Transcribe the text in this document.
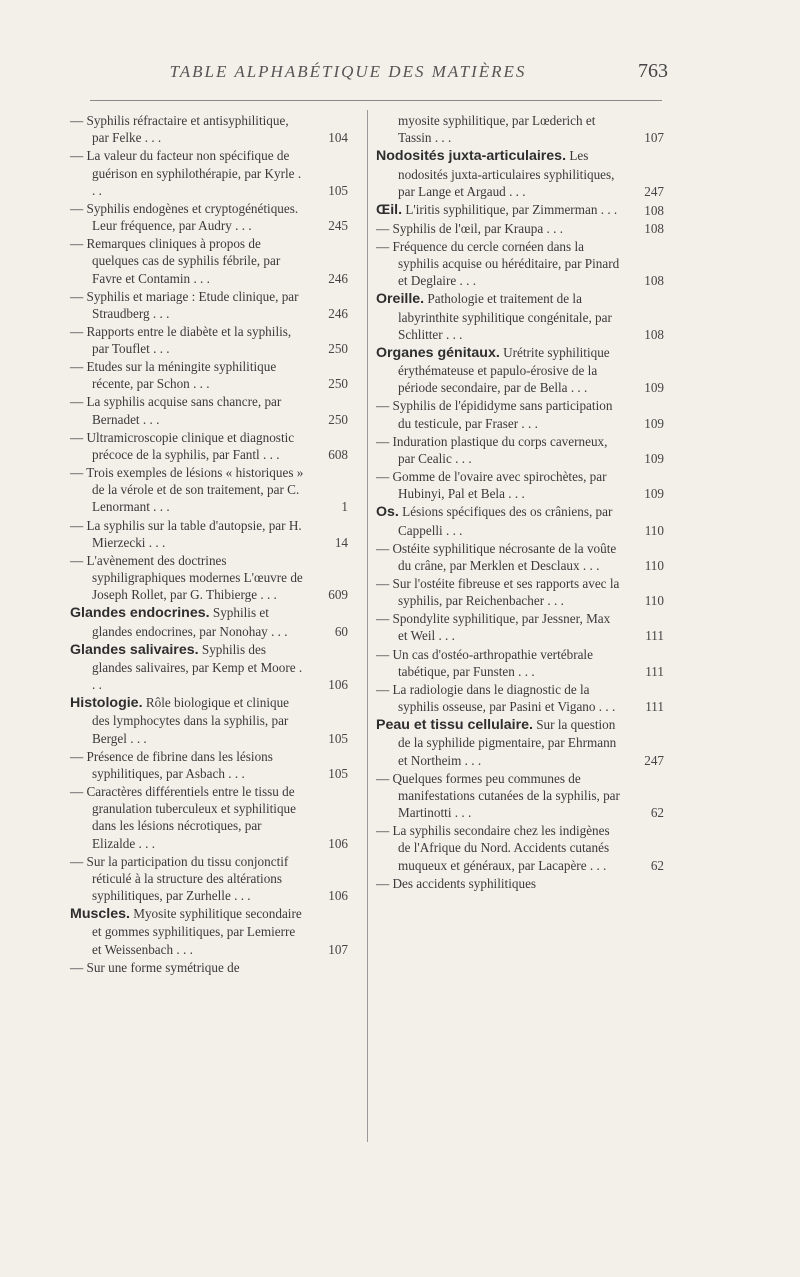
TABLE ALPHABÉTIQUE DES MATIÈRES	763
— Syphilis réfractaire et antisyphilitique, par Felke . . .	104
— La valeur du facteur non spécifique de guérison en syphilothérapie, par Kyrle . . .	105
— Syphilis endogènes et cryptogénétiques. Leur fréquence, par Audry . . .	245
— Remarques cliniques à propos de quelques cas de syphilis fébrile, par Favre et Contamin . . .	246
— Syphilis et mariage : Etude clinique, par Straudberg . . .	246
— Rapports entre le diabète et la syphilis, par Touflet . . .	250
— Etudes sur la méningite syphilitique récente, par Schon . . .	250
— La syphilis acquise sans chancre, par Bernadet . . .	250
— Ultramicroscopie clinique et diagnostic précoce de la syphilis, par Fantl . . .	608
— Trois exemples de lésions « historiques » de la vérole et de son traitement, par C. Lenormant . . .	1
— La syphilis sur la table d'autopsie, par H. Mierzecki . . .	14
— L'avènement des doctrines syphiligraphiques modernes L'œuvre de Joseph Rollet, par G. Thibierge . . .	609
Glandes endocrines. Syphilis et glandes endocrines, par Nonohay . . .	60
Glandes salivaires. Syphilis des glandes salivaires, par Kemp et Moore . . .	106
Histologie. Rôle biologique et clinique des lymphocytes dans la syphilis, par Bergel . . .	105
— Présence de fibrine dans les lésions syphilitiques, par Asbach . . .	105
— Caractères différentiels entre le tissu de granulation tuberculeux et syphilitique dans les lésions nécrotiques, par Elizalde . . .	106
— Sur la participation du tissu conjonctif réticulé à la structure des altérations syphilitiques, par Zurhelle . . .	106
Muscles. Myosite syphilitique secondaire et gommes syphilitiques, par Lemierre et Weissenbach . . .	107
— Sur une forme symétrique de
myosite syphilitique, par Lœderich et Tassin . . .	107
Nodosités juxta-articulaires. Les nodosités juxta-articulaires syphilitiques, par Lange et Argaud . . .	247
Œil. L'iritis syphilitique, par Zimmerman . . .	108
— Syphilis de l'œil, par Kraupa . . .	108
— Fréquence du cercle cornéen dans la syphilis acquise ou héréditaire, par Pinard et Deglaire . . .	108
Oreille. Pathologie et traitement de la labyrinthite syphilitique congénitale, par Schlitter . . .	108
Organes génitaux. Urétrite syphilitique érythémateuse et papulo-érosive de la période secondaire, par de Bella . . .	109
— Syphilis de l'épididyme sans participation du testicule, par Fraser . . .	109
— Induration plastique du corps caverneux, par Cealic . . .	109
— Gomme de l'ovaire avec spirochètes, par Hubinyi, Pal et Bela . . .	109
Os. Lésions spécifiques des os crâniens, par Cappelli . . .	110
— Ostéite syphilitique nécrosante de la voûte du crâne, par Merklen et Desclaux . . .	110
— Sur l'ostéite fibreuse et ses rapports avec la syphilis, par Reichenbacher . . .	110
— Spondylite syphilitique, par Jessner, Max et Weil . . .	111
— Un cas d'ostéo-arthropathie vertébrale tabétique, par Funsten . . .	111
— La radiologie dans le diagnostic de la syphilis osseuse, par Pasini et Vigano . . .	111
Peau et tissu cellulaire. Sur la question de la syphilide pigmentaire, par Ehrmann et Northeim . . .	247
— Quelques formes peu communes de manifestations cutanées de la syphilis, par Martinotti . . .	62
— La syphilis secondaire chez les indigènes de l'Afrique du Nord. Accidents cutanés muqueux et généraux, par Lacapère . . .	62
— Des accidents syphilitiques
